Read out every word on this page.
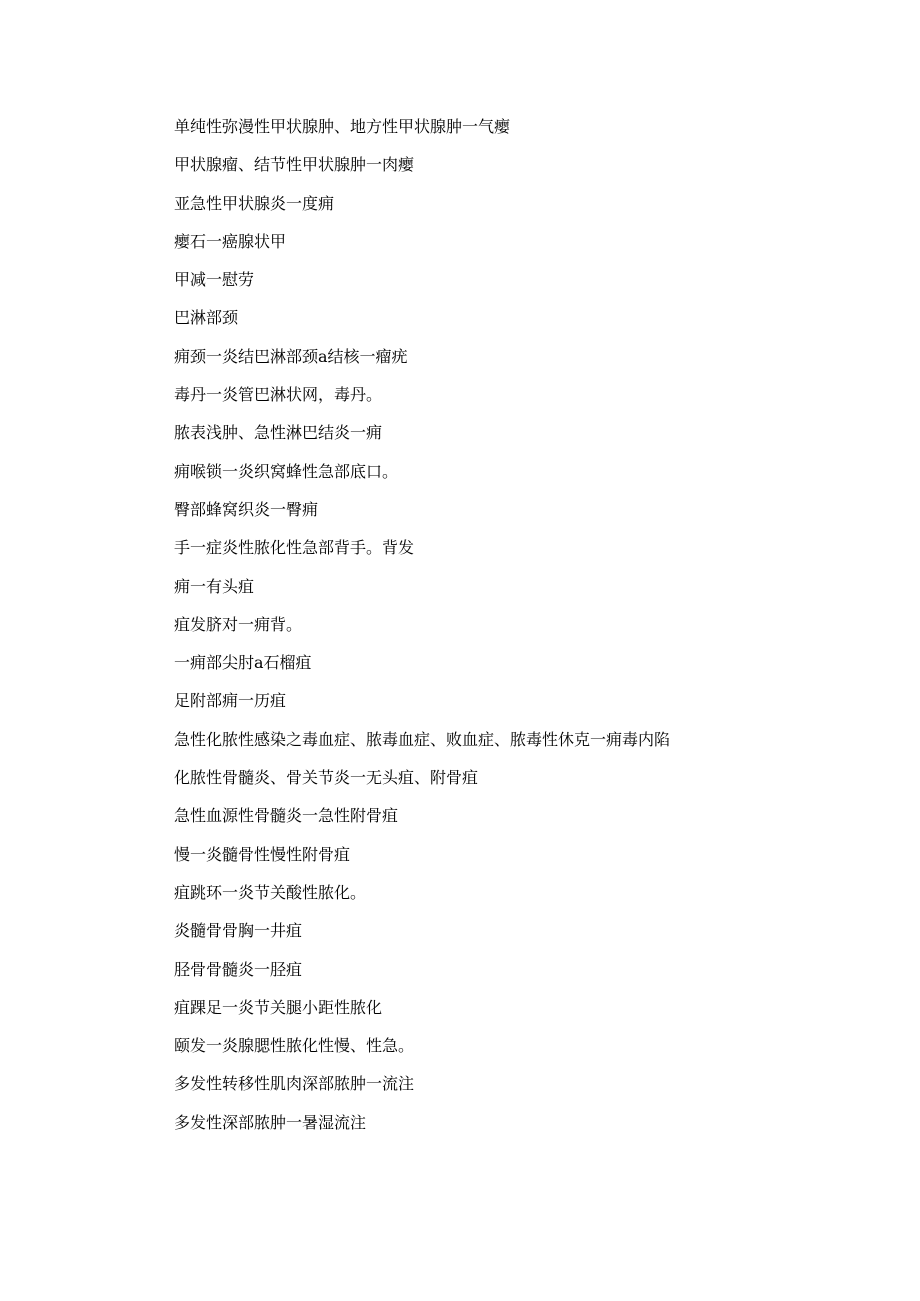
单纯性弥漫性甲状腺肿、地方性甲状腺肿一气瘿
甲状腺瘤、结节性甲状腺肿一肉瘿
亚急性甲状腺炎一度痈
瘿石一癌腺状甲
甲减一慰劳
巴淋部颈
痈颈一炎结巴淋部颈a结核一瘤疣
毒丹一炎管巴淋状网，毒丹。
脓表浅肿、急性淋巴结炎一痈
痈喉锁一炎织窝蜂性急部底口。
臀部蜂窝织炎一臀痈
手一症炎性脓化性急部背手。背发
痈一有头疽
疽发脐对一痈背。
一痈部尖肘a石榴疽
足附部痈一历疽
急性化脓性感染之毒血症、脓毒血症、败血症、脓毒性休克一痈毒内陷
化脓性骨髓炎、骨关节炎一无头疽、附骨疽
急性血源性骨髓炎一急性附骨疽
慢一炎髓骨性慢性附骨疽
疽跳环一炎节关酸性脓化。
炎髓骨骨胸一井疽
胫骨骨髓炎一胫疽
疽踝足一炎节关腿小距性脓化
颐发一炎腺腮性脓化性慢、性急。
多发性转移性肌肉深部脓肿一流注
多发性深部脓肿一暑湿流注
